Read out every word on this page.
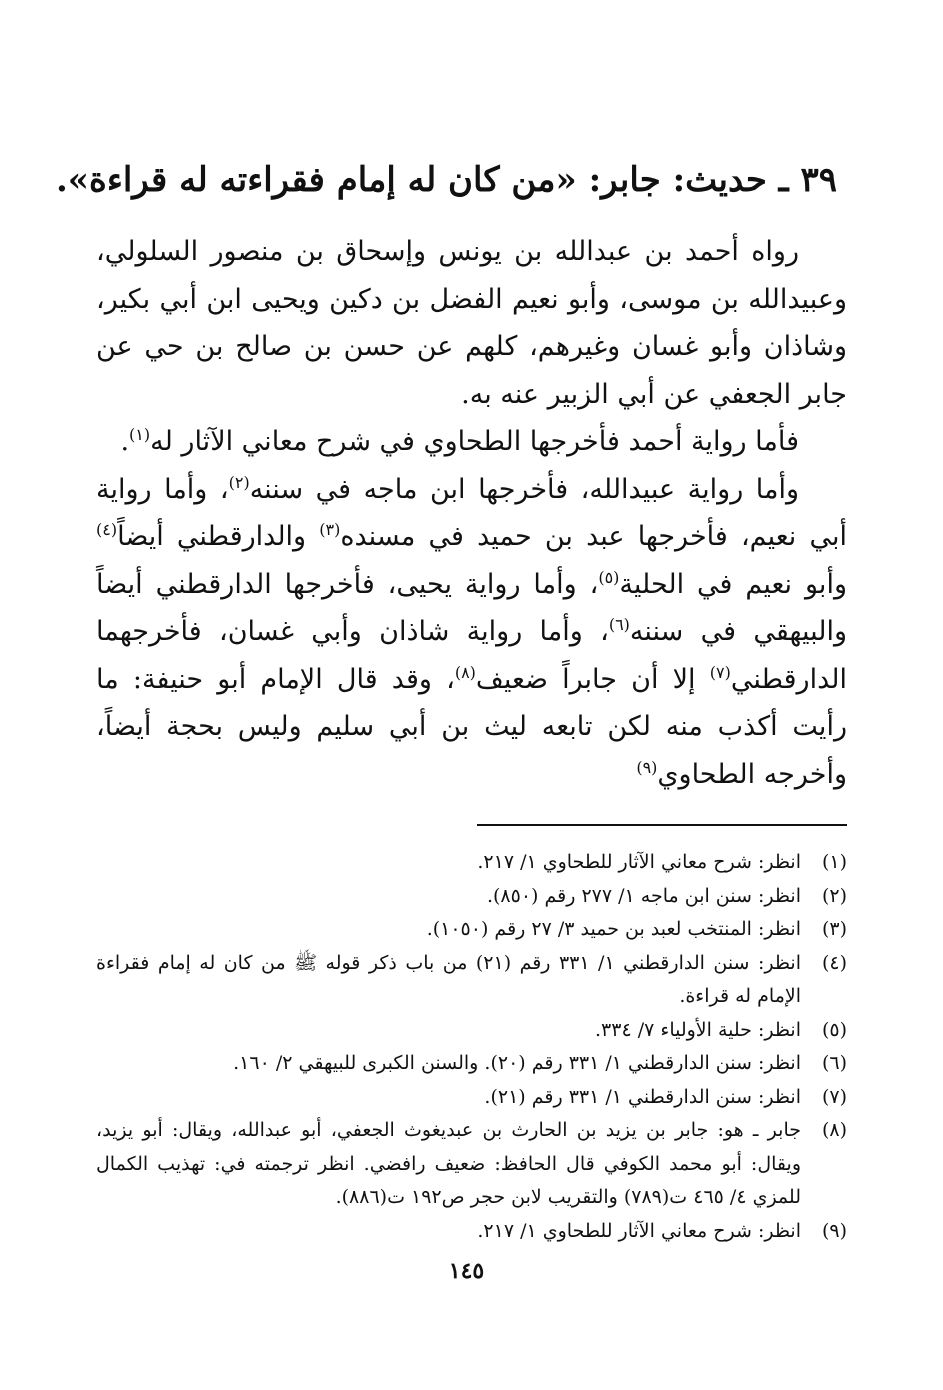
٣٩ ـ حديث: جابر: «من كان له إمام فقراءته له قراءة».

رواه أحمد بن عبدالله بن يونس وإسحاق بن منصور السلولي، وعبيدالله بن موسى، وأبو نعيم الفضل بن دكين ويحيى ابن أبي بكير، وشاذان وأبو غسان وغيرهم، كلهم عن حسن بن صالح بن حي عن جابر الجعفي عن أبي الزبير عنه به.

فأما رواية أحمد فأخرجها الطحاوي في شرح معاني الآثار له$^{(١)}$.

وأما رواية عبيدالله، فأخرجها ابن ماجه في سننه$^{(٢)}$، وأما رواية أبي نعيم، فأخرجها عبد بن حميد في مسنده$^{(٣)}$ والدارقطني أيضاً$^{(٤)}$ وأبو نعيم في الحلية$^{(٥)}$، وأما رواية يحيى، فأخرجها الدارقطني أيضاً والبيهقي في سننه$^{(٦)}$، وأما رواية شاذان وأبي غسان، فأخرجهما الدارقطني$^{(٧)}$ إلا أن جابراً ضعيف$^{(٨)}$، وقد قال الإمام أبو حنيفة: ما رأيت أكذب منه لكن تابعه ليث بن أبي سليم وليس بحجة أيضاً، وأخرجه الطحاوي$^{(٩)}$

(١)
انظر: شرح معاني الآثار للطحاوي ١/ ٢١٧.
(٢)
انظر: سنن ابن ماجه ١/ ٢٧٧ رقم (٨٥٠).
(٣)
انظر: المنتخب لعبد بن حميد ٣/ ٢٧ رقم (١٠٥٠).
(٤)
انظر: سنن الدارقطني ١/ ٣٣١ رقم (٢١) من باب ذكر قوله ﷺ من كان له إمام فقراءة الإمام له قراءة.
(٥)
انظر: حلية الأولياء ٧/ ٣٣٤.
(٦)
انظر: سنن الدارقطني ١/ ٣٣١ رقم (٢٠). والسنن الكبرى للبيهقي ٢/ ١٦٠.
(٧)
انظر: سنن الدارقطني ١/ ٣٣١ رقم (٢١).
(٨)
جابر ـ هو: جابر بن يزيد بن الحارث بن عبديغوث الجعفي، أبو عبدالله، ويقال: أبو يزيد، ويقال: أبو محمد الكوفي قال الحافظ: ضعيف رافضي. انظر ترجمته في: تهذيب الكمال للمزي ٤/ ٤٦٥ ت(٧٨٩) والتقريب لابن حجر ص١٩٢ ت(٨٨٦).
(٩)
انظر: شرح معاني الآثار للطحاوي ١/ ٢١٧.
١٤٥
